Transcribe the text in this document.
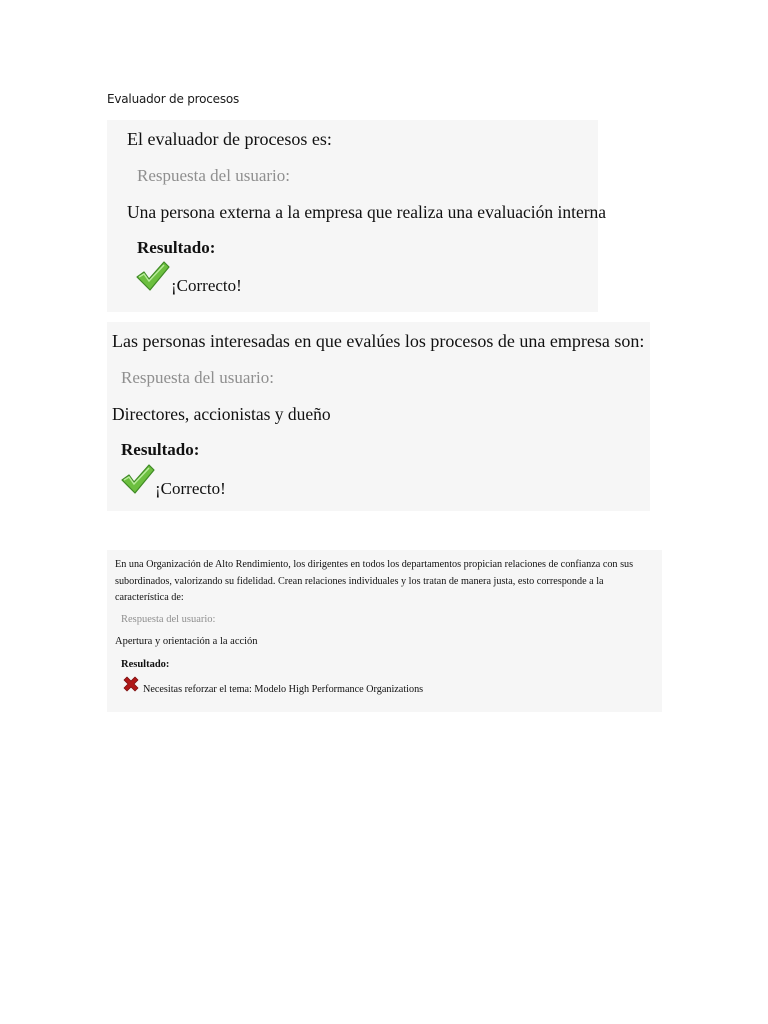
Evaluador de procesos
El evaluador de procesos es:
Respuesta del usuario:
Una persona externa a la empresa que realiza una evaluación interna
Resultado:
¡Correcto!
Las personas interesadas en que evalúes los procesos de una empresa son:
Respuesta del usuario:
Directores, accionistas y dueño
Resultado:
¡Correcto!
En una Organización de Alto Rendimiento, los dirigentes en todos los departamentos propician relaciones de confianza con sus subordinados, valorizando su fidelidad. Crean relaciones individuales y los tratan de manera justa, esto corresponde a la característica de:
Respuesta del usuario:
Apertura y orientación a la acción
Resultado:
Necesitas reforzar el tema: Modelo High Performance Organizations
